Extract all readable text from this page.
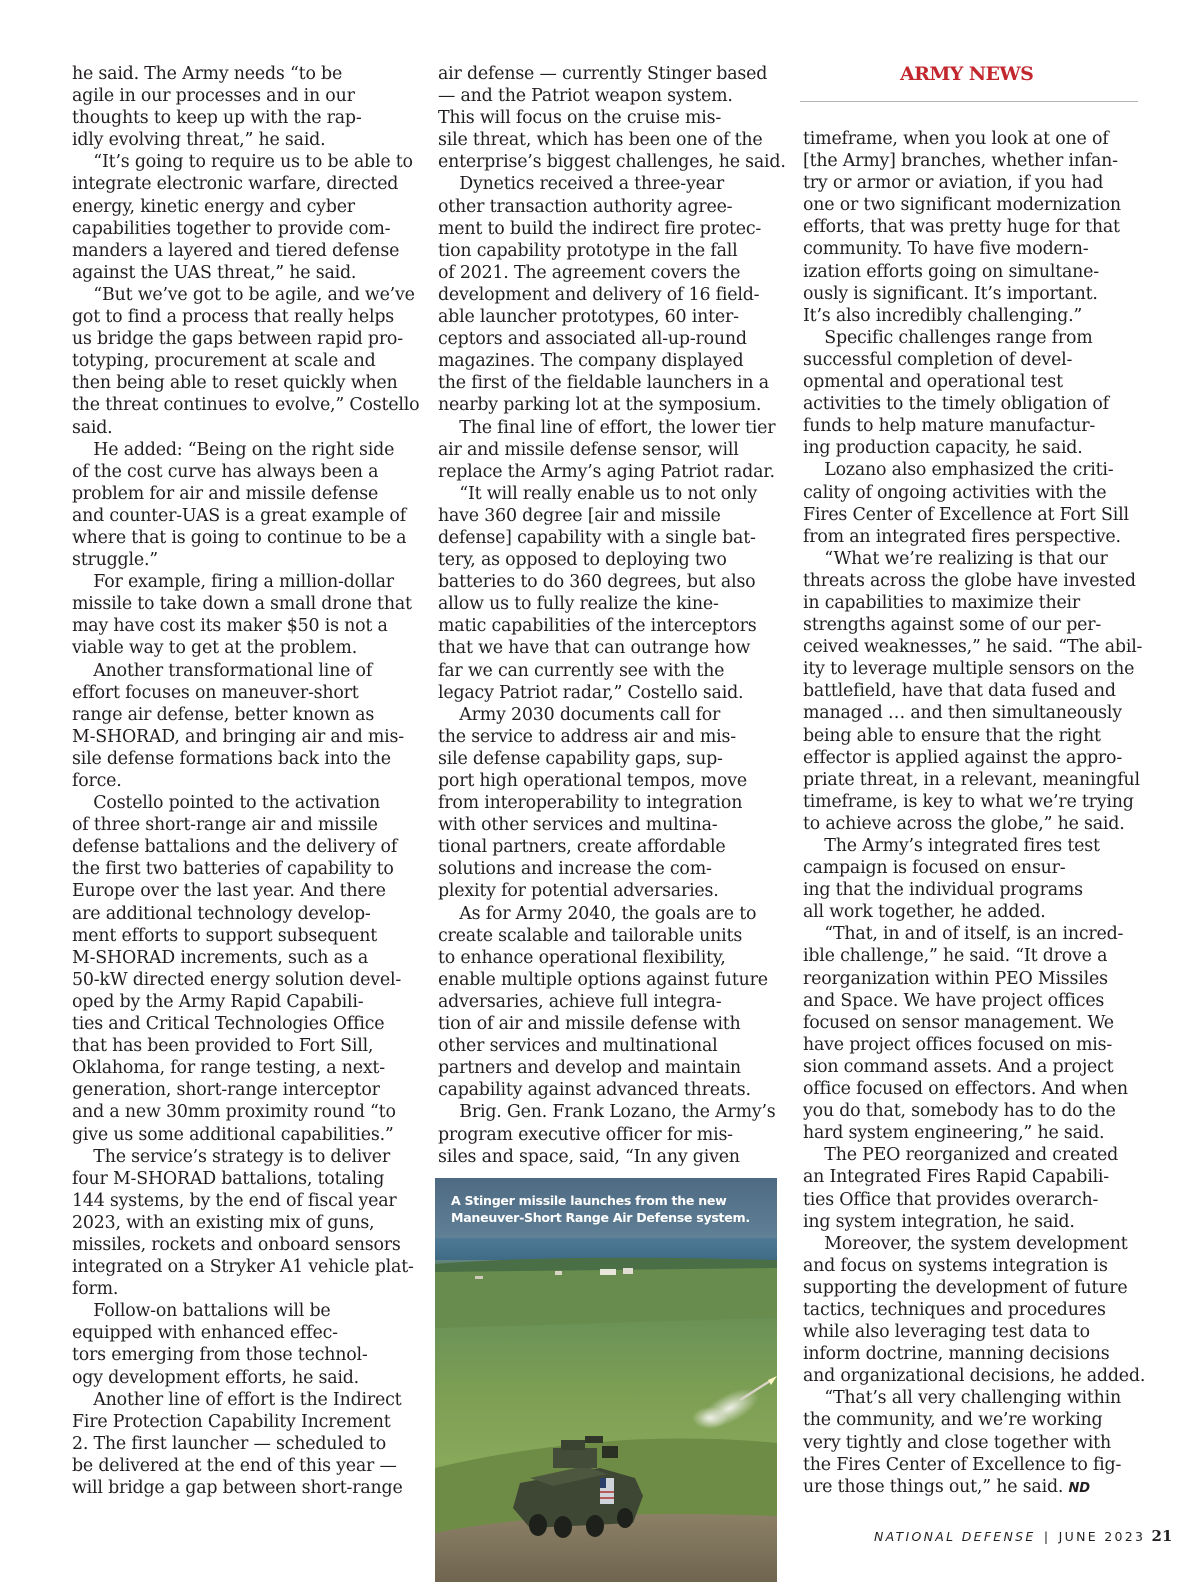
ARMY NEWS
he said. The Army needs “to be
agile in our processes and in our
thoughts to keep up with the rap-
idly evolving threat,” he said.
“It’s going to require us to be able to
integrate electronic warfare, directed
energy, kinetic energy and cyber
capabilities together to provide com-
manders a layered and tiered defense
against the UAS threat,” he said.
“But we’ve got to be agile, and we’ve
got to find a process that really helps
us bridge the gaps between rapid pro-
totyping, procurement at scale and
then being able to reset quickly when
the threat continues to evolve,” Costello
said.
He added: “Being on the right side
of the cost curve has always been a
problem for air and missile defense
and counter-UAS is a great example of
where that is going to continue to be a
struggle.”
For example, firing a million-dollar
missile to take down a small drone that
may have cost its maker $50 is not a
viable way to get at the problem.
Another transformational line of
effort focuses on maneuver-short
range air defense, better known as
M-SHORAD, and bringing air and mis-
sile defense formations back into the
force.
Costello pointed to the activation
of three short-range air and missile
defense battalions and the delivery of
the first two batteries of capability to
Europe over the last year. And there
are additional technology develop-
ment efforts to support subsequent
M-SHORAD increments, such as a
50-kW directed energy solution devel-
oped by the Army Rapid Capabili-
ties and Critical Technologies Office
that has been provided to Fort Sill,
Oklahoma, for range testing, a next-
generation, short-range interceptor
and a new 30mm proximity round “to
give us some additional capabilities.”
The service’s strategy is to deliver
four M-SHORAD battalions, totaling
144 systems, by the end of fiscal year
2023, with an existing mix of guns,
missiles, rockets and onboard sensors
integrated on a Stryker A1 vehicle plat-
form.
Follow-on battalions will be
equipped with enhanced effec-
tors emerging from those technol-
ogy development efforts, he said.
Another line of effort is the Indirect
Fire Protection Capability Increment
2. The first launcher — scheduled to
be delivered at the end of this year —
will bridge a gap between short-range
air defense — currently Stinger based
— and the Patriot weapon system.
This will focus on the cruise mis-
sile threat, which has been one of the
enterprise’s biggest challenges, he said.
Dynetics received a three-year
other transaction authority agree-
ment to build the indirect fire protec-
tion capability prototype in the fall
of 2021. The agreement covers the
development and delivery of 16 field-
able launcher prototypes, 60 inter-
ceptors and associated all-up-round
magazines. The company displayed
the first of the fieldable launchers in a
nearby parking lot at the symposium.
The final line of effort, the lower tier
air and missile defense sensor, will
replace the Army’s aging Patriot radar.
“It will really enable us to not only
have 360 degree [air and missile
defense] capability with a single bat-
tery, as opposed to deploying two
batteries to do 360 degrees, but also
allow us to fully realize the kine-
matic capabilities of the interceptors
that we have that can outrange how
far we can currently see with the
legacy Patriot radar,” Costello said.
Army 2030 documents call for
the service to address air and mis-
sile defense capability gaps, sup-
port high operational tempos, move
from interoperability to integration
with other services and multina-
tional partners, create affordable
solutions and increase the com-
plexity for potential adversaries.
As for Army 2040, the goals are to
create scalable and tailorable units
to enhance operational flexibility,
enable multiple options against future
adversaries, achieve full integra-
tion of air and missile defense with
other services and multinational
partners and develop and maintain
capability against advanced threats.
Brig. Gen. Frank Lozano, the Army’s
program executive officer for mis-
siles and space, said, “In any given
timeframe, when you look at one of
[the Army] branches, whether infan-
try or armor or aviation, if you had
one or two significant modernization
efforts, that was pretty huge for that
community. To have five modern-
ization efforts going on simultane-
ously is significant. It’s important.
It’s also incredibly challenging.”
Specific challenges range from
successful completion of devel-
opmental and operational test
activities to the timely obligation of
funds to help mature manufactur-
ing production capacity, he said.
Lozano also emphasized the criti-
cality of ongoing activities with the
Fires Center of Excellence at Fort Sill
from an integrated fires perspective.
“What we’re realizing is that our
threats across the globe have invested
in capabilities to maximize their
strengths against some of our per-
ceived weaknesses,” he said. “The abil-
ity to leverage multiple sensors on the
battlefield, have that data fused and
managed … and then simultaneously
being able to ensure that the right
effector is applied against the appro-
priate threat, in a relevant, meaningful
timeframe, is key to what we’re trying
to achieve across the globe,” he said.
The Army’s integrated fires test
campaign is focused on ensur-
ing that the individual programs
all work together, he added.
“That, in and of itself, is an incred-
ible challenge,” he said. “It drove a
reorganization within PEO Missiles
and Space. We have project offices
focused on sensor management. We
have project offices focused on mis-
sion command assets. And a project
office focused on effectors. And when
you do that, somebody has to do the
hard system engineering,” he said.
The PEO reorganized and created
an Integrated Fires Rapid Capabili-
ties Office that provides overarch-
ing system integration, he said.
Moreover, the system development
and focus on systems integration is
supporting the development of future
tactics, techniques and procedures
while also leveraging test data to
inform doctrine, manning decisions
and organizational decisions, he added.
“That’s all very challenging within
the community, and we’re working
very tightly and close together with
the Fires Center of Excellence to fig-
ure those things out,” he said. ND
A Stinger missile launches from the new
Maneuver-Short Range Air Defense system.
NATIONAL DEFENSE | JUNE 2023 21
